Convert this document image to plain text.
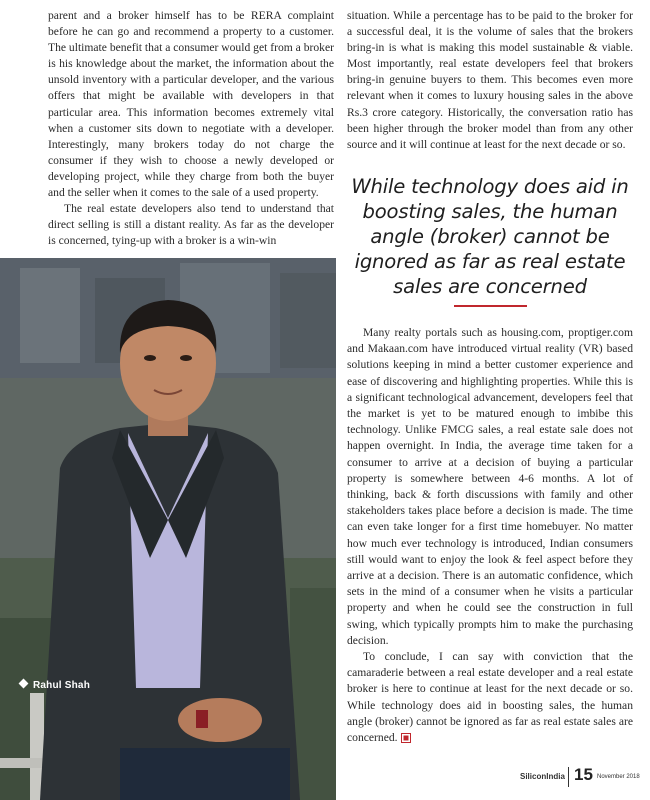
parent and a broker himself has to be RERA complaint before he can go and recommend a property to a customer. The ultimate benefit that a consumer would get from a broker is his knowledge about the market, the information about the unsold inventory with a particular developer, and the various offers that might be available with developers in that particular area. This information becomes extremely vital when a customer sits down to negotiate with a developer. Interestingly, many brokers today do not charge the consumer if they wish to choose a newly developed or developing project, while they charge from both the buyer and the seller when it comes to the sale of a used property.

The real estate developers also tend to understand that direct selling is still a distant reality. As far as the developer is concerned, tying-up with a broker is a win-win

situation. While a percentage has to be paid to the broker for a successful deal, it is the volume of sales that the brokers bring-in is what is making this model sustainable & viable. Most importantly, real estate developers feel that brokers bring-in genuine buyers to them. This becomes even more relevant when it comes to luxury housing sales in the above Rs.3 crore category. Historically, the conversation ratio has been higher through the broker model than from any other source and it will continue at least for the next decade or so.

While technology does aid in boosting sales, the human angle (broker) cannot be ignored as far as real estate sales are concerned

Many realty portals such as housing.com, proptiger.com and Makaan.com have introduced virtual reality (VR) based solutions keeping in mind a better customer experience and ease of discovering and highlighting properties. While this is a significant technological advancement, developers feel that the market is yet to be matured enough to imbibe this technology. Unlike FMCG sales, a real estate sale does not happen overnight. In India, the average time taken for a consumer to arrive at a decision of buying a particular property is somewhere between 4-6 months. A lot of thinking, back & forth discussions with family and other stakeholders takes place before a decision is made. The time can even take longer for a first time homebuyer. No matter how much ever technology is introduced, Indian consumers still would want to enjoy the look & feel aspect before they arrive at a decision. There is an automatic confidence, which sets in the mind of a consumer when he visits a particular property and when he could see the construction in full swing, which typically prompts him to make the purchasing decision.

To conclude, I can say with conviction that the camaraderie between a real estate developer and a real estate broker is here to continue at least for the next decade or so. While technology does aid in boosting sales, the human angle (broker) cannot be ignored as far as real estate sales are concerned.

Rahul Shah
SiliconIndia 15 November 2018
